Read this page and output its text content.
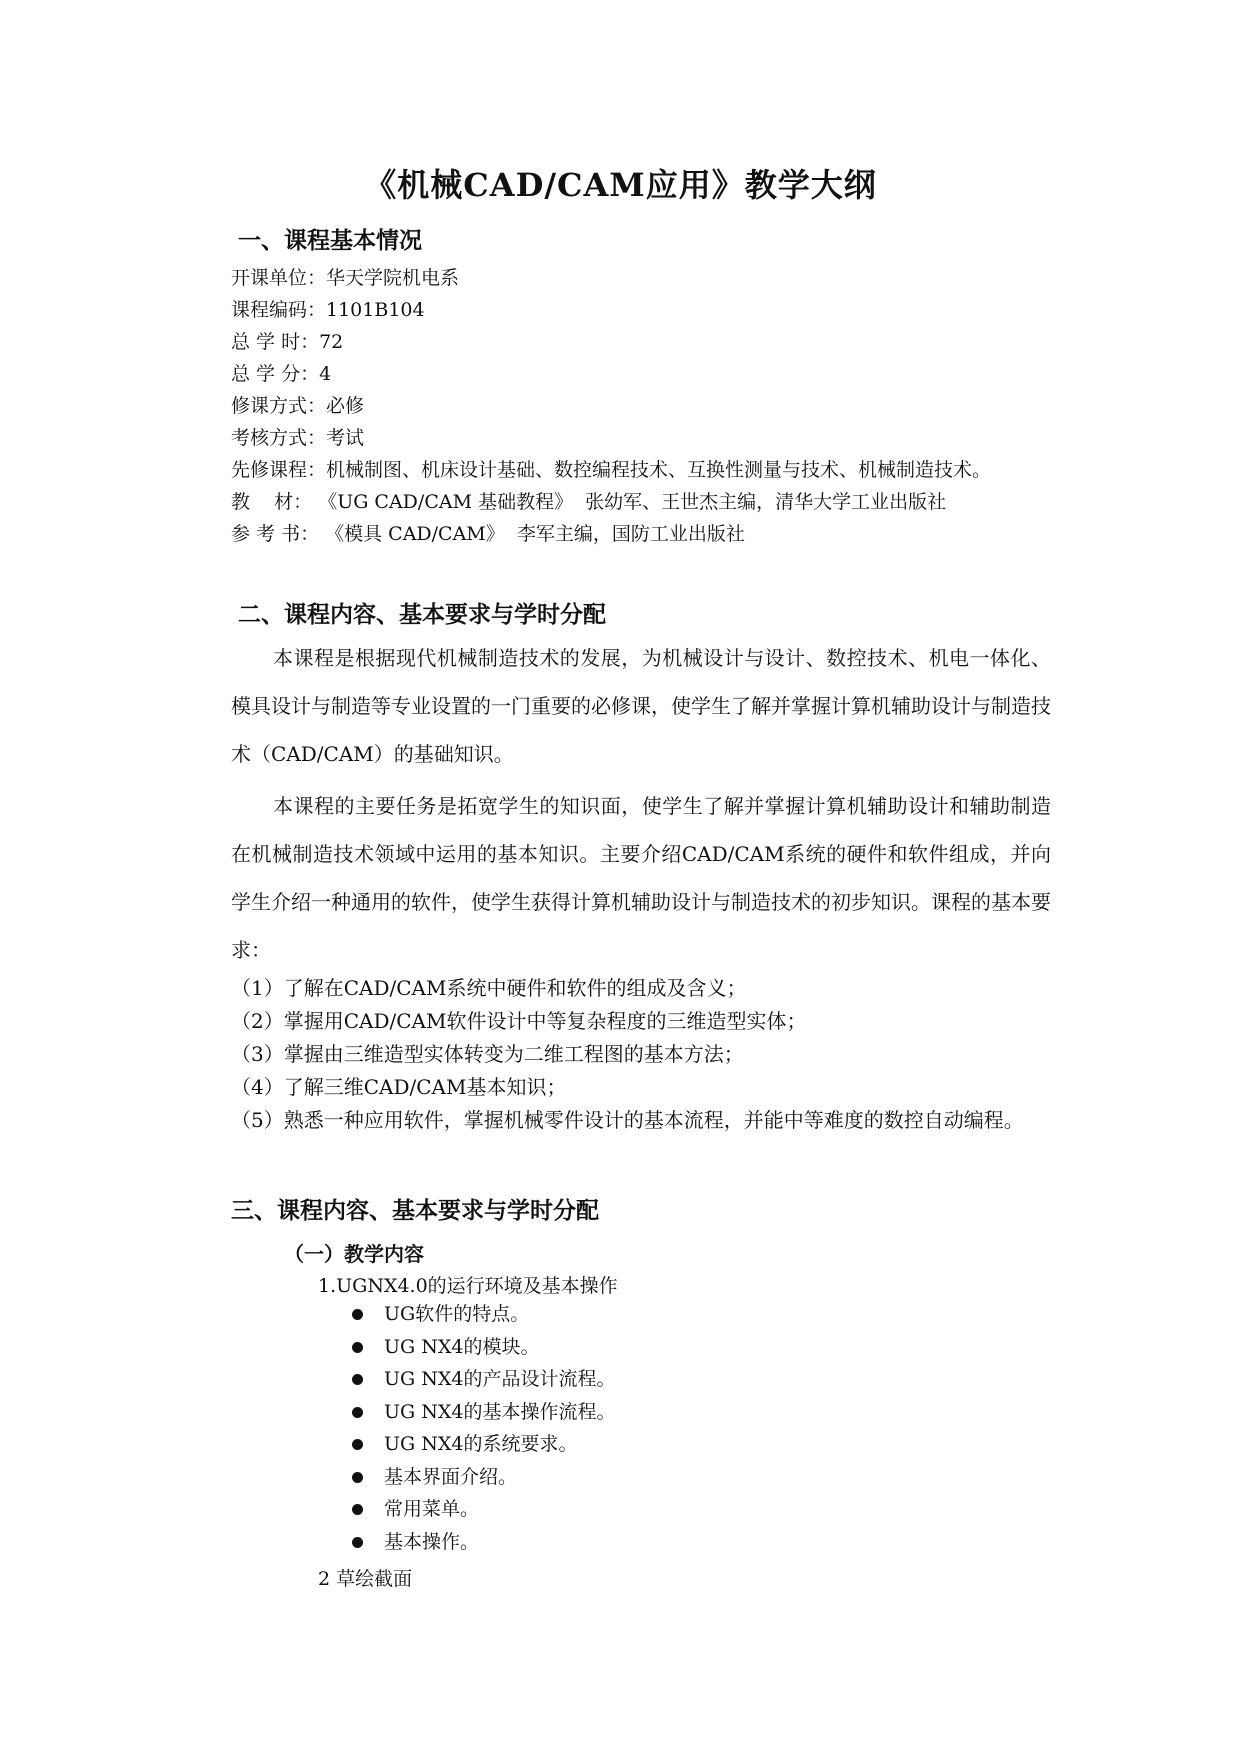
《机械CAD/CAM应用》教学大纲
一、课程基本情况
开课单位：华天学院机电系
课程编码：1101B104
总 学 时：72
总 学 分：4
修课方式：必修
考核方式：考试
先修课程：机械制图、机床设计基础、数控编程技术、互换性测量与技术、机械制造技术。
教    材： 《UG CAD/CAM 基础教程》  张幼军、王世杰主编，清华大学工业出版社
参 考 书： 《模具 CAD/CAM》  李军主编，国防工业出版社
二、课程内容、基本要求与学时分配
本课程是根据现代机械制造技术的发展，为机械设计与设计、数控技术、机电一体化、模具设计与制造等专业设置的一门重要的必修课，使学生了解并掌握计算机辅助设计与制造技术（CAD/CAM）的基础知识。
本课程的主要任务是拓宽学生的知识面，使学生了解并掌握计算机辅助设计和辅助制造在机械制造技术领域中运用的基本知识。主要介绍CAD/CAM系统的硬件和软件组成，并向学生介绍一种通用的软件，使学生获得计算机辅助设计与制造技术的初步知识。课程的基本要求：
（1）了解在CAD/CAM系统中硬件和软件的组成及含义；
（2）掌握用CAD/CAM软件设计中等复杂程度的三维造型实体；
（3）掌握由三维造型实体转变为二维工程图的基本方法；
（4）了解三维CAD/CAM基本知识；
（5）熟悉一种应用软件，掌握机械零件设计的基本流程，并能中等难度的数控自动编程。
三、课程内容、基本要求与学时分配
（一）教学内容
1.UGNX4.0的运行环境及基本操作
UG软件的特点。
UG NX4的模块。
UG NX4的产品设计流程。
UG NX4的基本操作流程。
UG NX4的系统要求。
基本界面介绍。
常用菜单。
基本操作。
2 草绘截面
